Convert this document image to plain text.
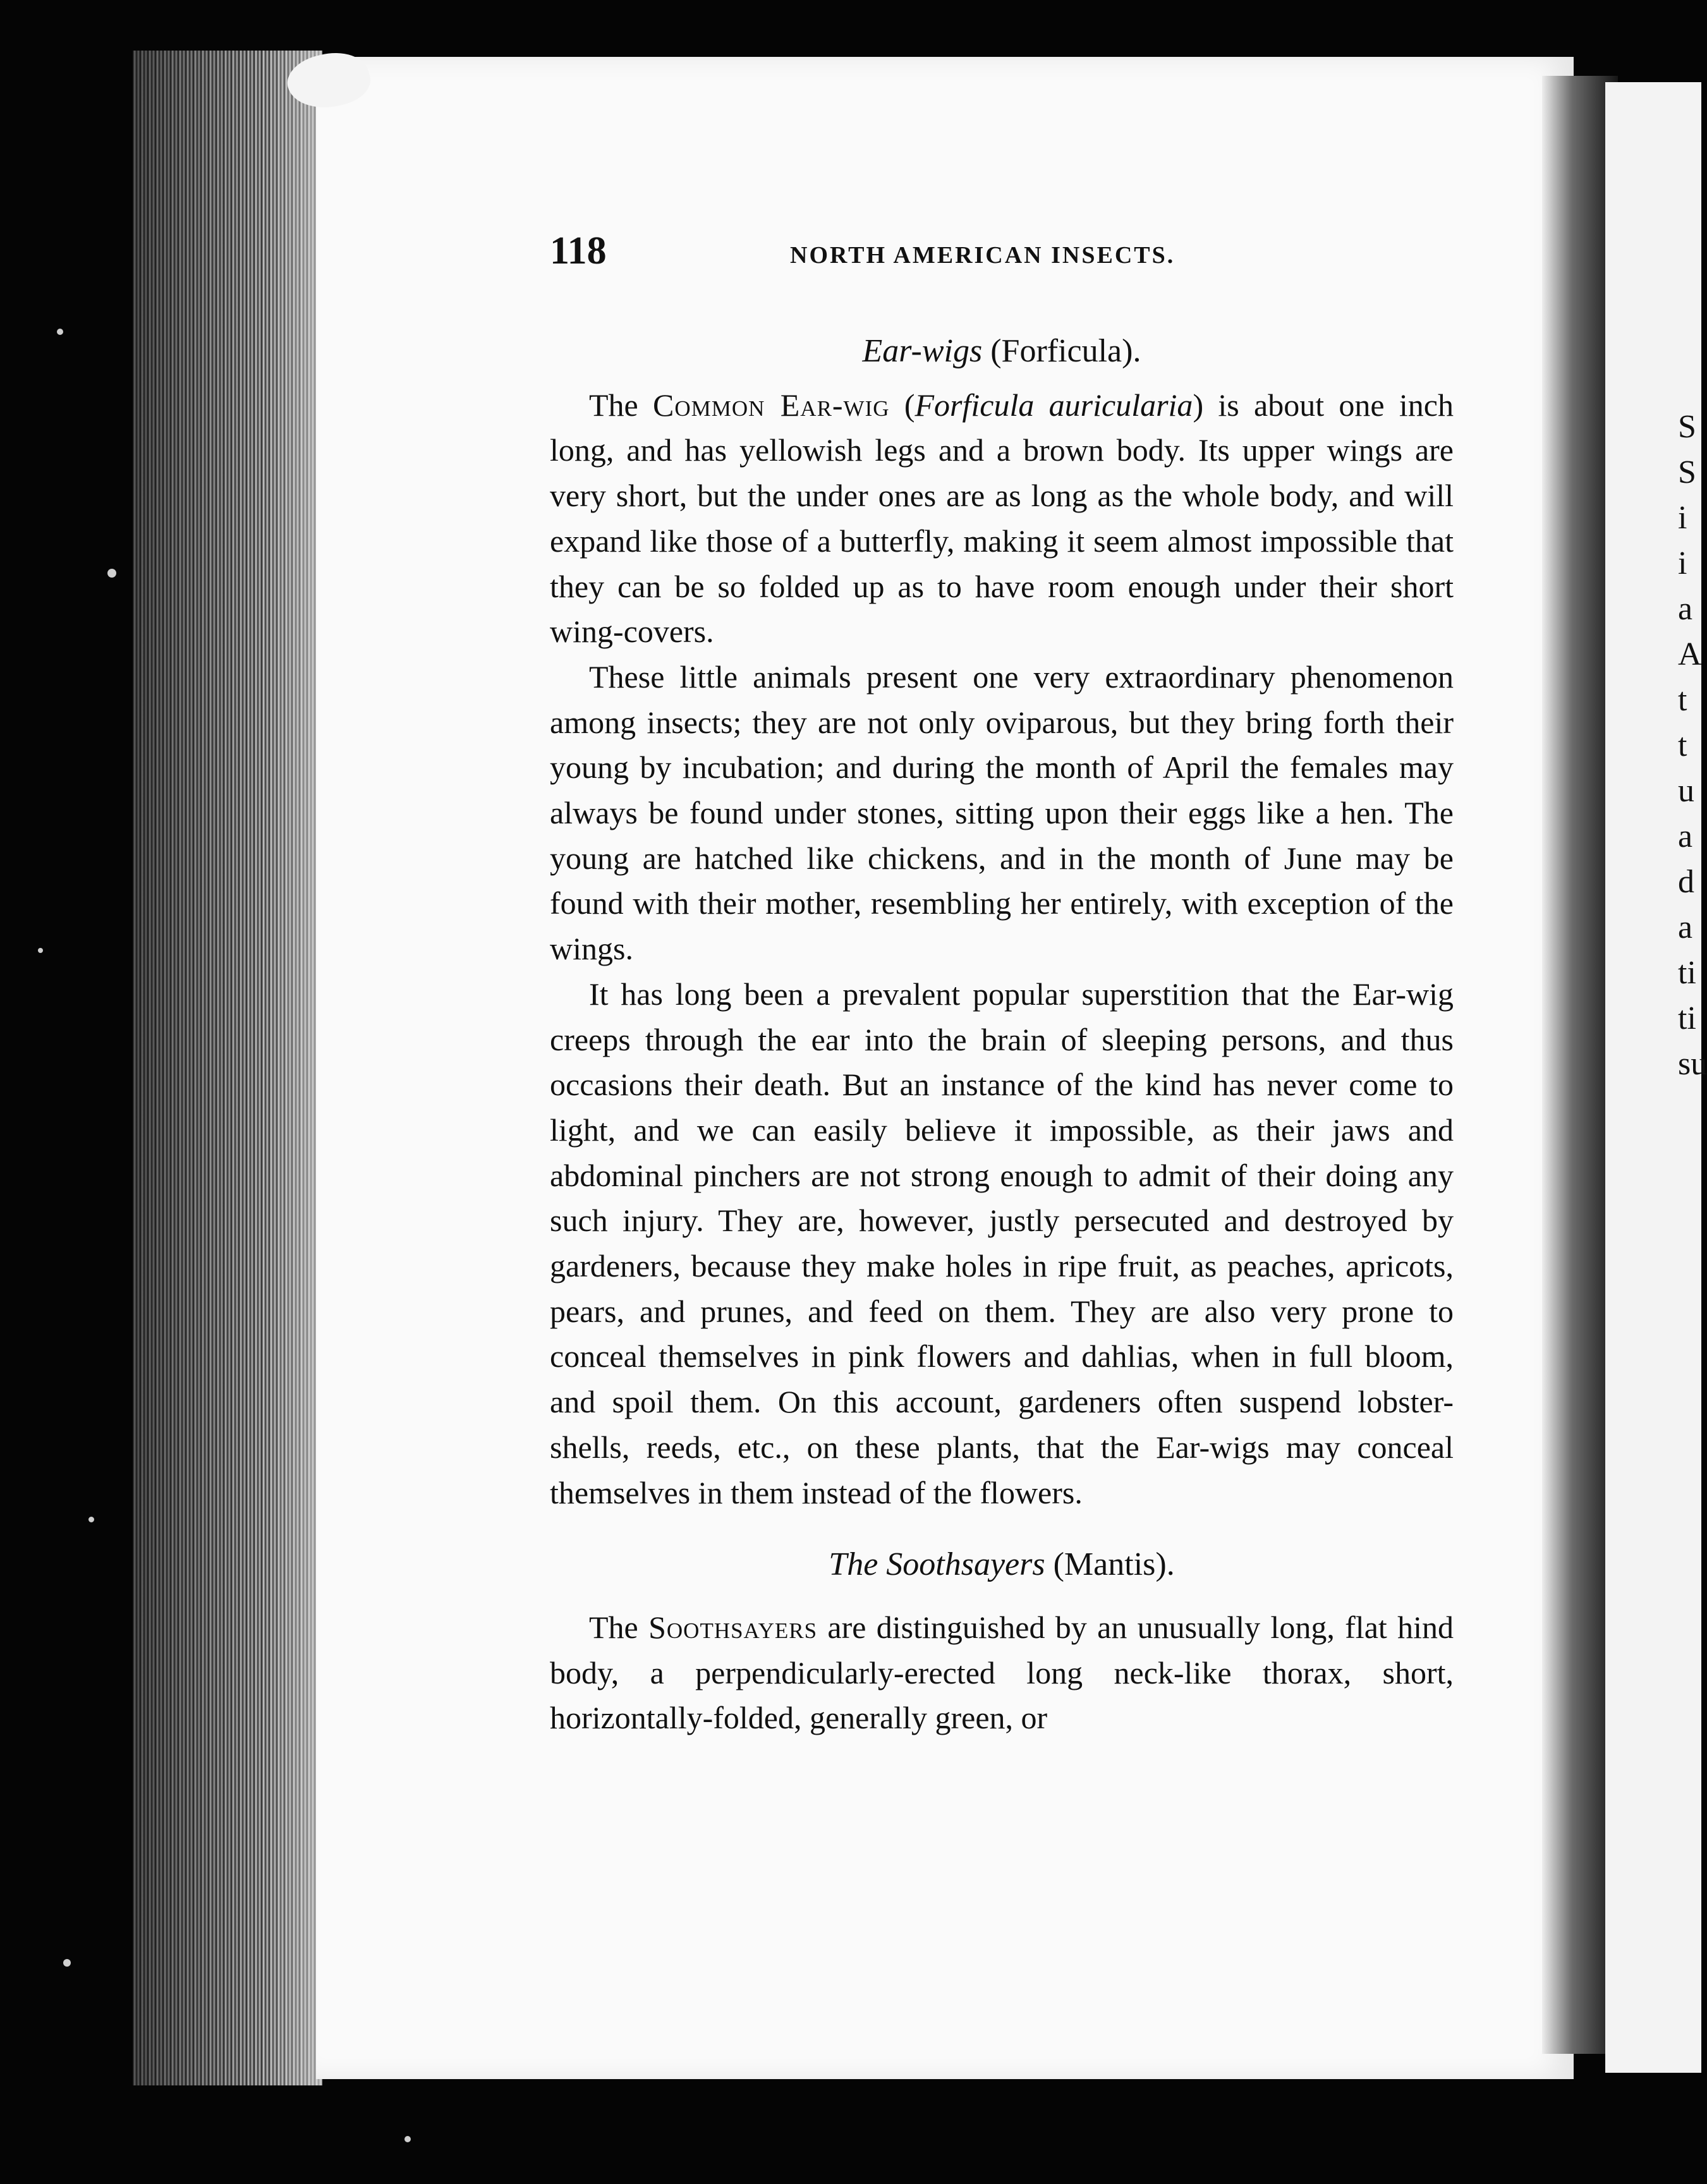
S
S
i
i
a
A
t
t
u
a
d
a
ti
ti
su
118	NORTH AMERICAN INSECTS.
Ear-wigs (Forficula).

The Common Ear-wig (Forficula auricularia) is about one inch long, and has yellowish legs and a brown body. Its upper wings are very short, but the under ones are as long as the whole body, and will expand like those of a butterfly, making it seem almost impossible that they can be so folded up as to have room enough under their short wing-covers.

These little animals present one very extraordinary phenomenon among insects; they are not only oviparous, but they bring forth their young by incubation; and during the month of April the females may always be found under stones, sitting upon their eggs like a hen. The young are hatched like chickens, and in the month of June may be found with their mother, resembling her entirely, with exception of the wings.

It has long been a prevalent popular superstition that the Ear-wig creeps through the ear into the brain of sleeping persons, and thus occasions their death. But an instance of the kind has never come to light, and we can easily believe it impossible, as their jaws and abdominal pinchers are not strong enough to admit of their doing any such injury. They are, however, justly persecuted and destroyed by gardeners, because they make holes in ripe fruit, as peaches, apricots, pears, and prunes, and feed on them. They are also very prone to conceal themselves in pink flowers and dahlias, when in full bloom, and spoil them. On this account, gardeners often suspend lobster-shells, reeds, etc., on these plants, that the Ear-wigs may conceal themselves in them instead of the flowers.

The Soothsayers (Mantis).

The Soothsayers are distinguished by an unusually long, flat hind body, a perpendicularly-erected long neck-like thorax, short, horizontally-folded, generally green, or
